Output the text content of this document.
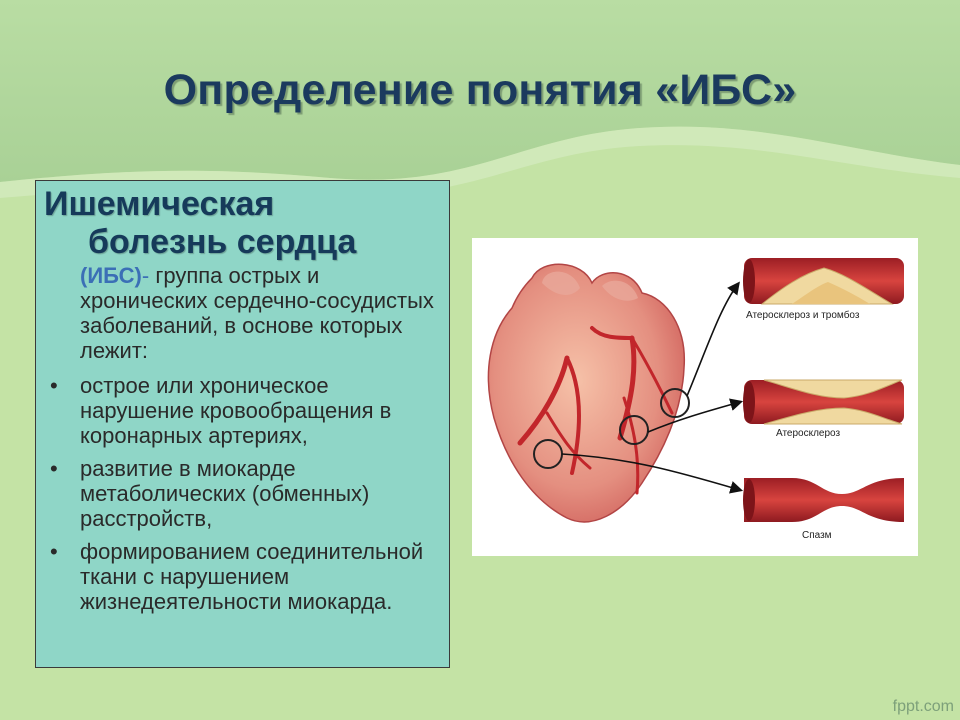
Определение понятия «ИБС»
Ишемическая
болезнь сердца
(ИБС)- группа острых и хронических сердечно-сосудистых заболеваний, в основе которых лежит:
• острое или хроническое нарушение кровообращения в коронарных артериях,
• развитие в миокарде метаболических (обменных) расстройств,
• формированием соединительной ткани с нарушением жизнедеятельности миокарда.
Атеросклероз и тромбоз
Атеросклероз
Спазм
fppt.com
